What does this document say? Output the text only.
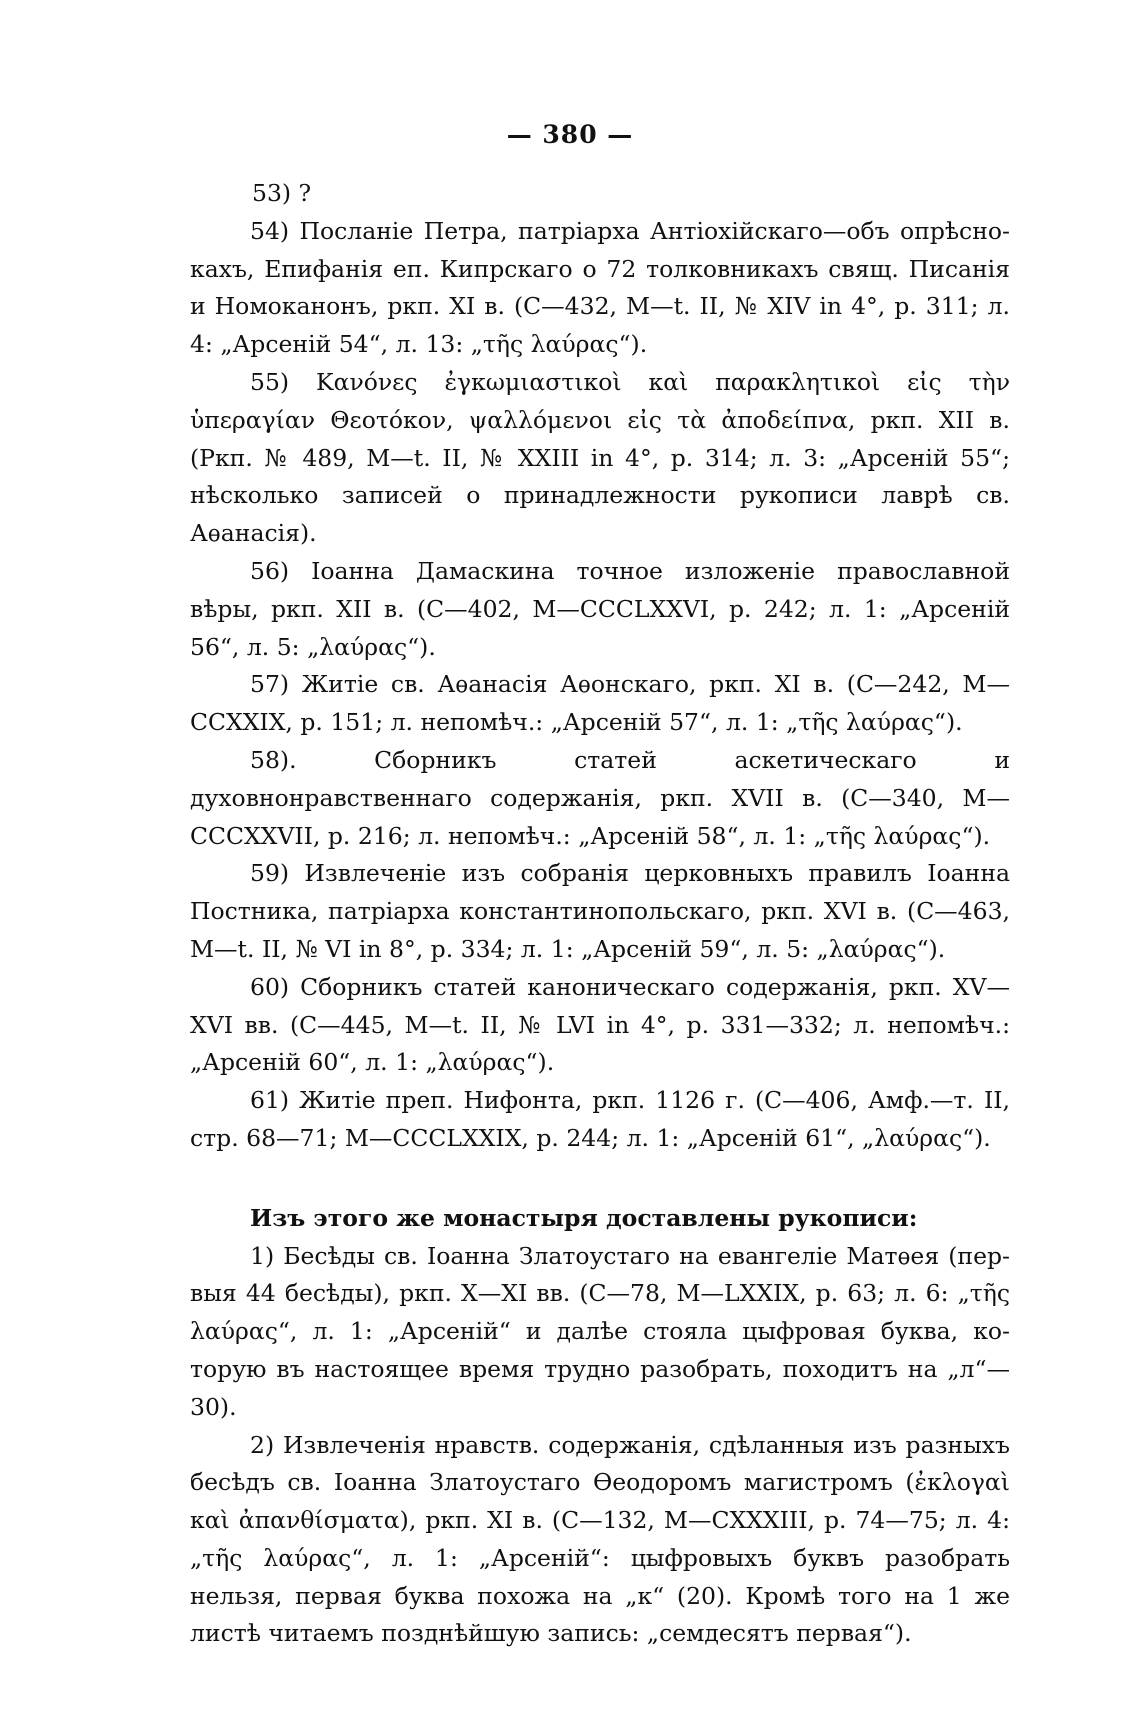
— 380 —

53) ?

54) Посланіе Петра, патріарха Антіохійскаго—объ опрѣснокахъ, Епифанія еп. Кипрскаго о 72 толковникахъ свящ. Писанія и Номоканонъ, ркп. XI в. (С—432, M—t. II, № XIV in 4°, p. 311; л. 4: „Арсеній 54“, л. 13: „τῆς λαύρας“).

55) Κανόνες ἐγκωμιαστικοὶ καὶ παρακλητικοὶ εἰς τὴν ὑπεραγίαν Θεοτόκον, ψαλλόμενοι εἰς τὰ ἀποδείπνα, ркп. XII в. (Ркп. № 489, M—t. II, № XXIII in 4°, p. 314; л. 3: „Арсеній 55“; нѣсколько записей о принадлежности рукописи лаврѣ св. Аѳанасія).

56) Іоанна Дамаскина точное изложеніе православной вѣры, ркп. XII в. (С—402, M—CCCLXXVI, p. 242; л. 1: „Арсеній 56“, л. 5: „λαύρας“).

57) Житіе св. Аѳанасія Аѳонскаго, ркп. XI в. (С—242, M—CCXXIX, p. 151; л. непомѣч.: „Арсеній 57“, л. 1: „τῆς λαύρας“).

58). Сборникъ статей аскетическаго и духовнонравственнаго содержанія, ркп. XVII в. (С—340, M—CCCXXVII, p. 216; л. непомѣч.: „Арсеній 58“, л. 1: „τῆς λαύρας“).

59) Извлеченіе изъ собранія церковныхъ правилъ Іоанна Постника, патріарха константинопольскаго, ркп. XVI в. (С—463, M—t. II, № VI in 8°, p. 334; л. 1: „Арсеній 59“, л. 5: „λαύρας“).

60) Сборникъ статей каноническаго содержанія, ркп. XV—XVI вв. (С—445, M—t. II, № LVI in 4°, p. 331—332; л. непомѣч.: „Арсеній 60“, л. 1: „λαύρας“).

61) Житіе преп. Нифонта, ркп. 1126 г. (С—406, Амф.—т. II, стр. 68—71; M—CCCLXXIX, p. 244; л. 1: „Арсеній 61“, „λαύρας“).

Изъ этого же монастыря доставлены рукописи:

1) Бесѣды св. Іоанна Златоустаго на евангеліе Матѳея (первыя 44 бесѣды), ркп. X—XI вв. (С—78, M—LXXIX, p. 63; л. 6: „τῆς λαύρας“, л. 1: „Арсеній“ и далѣе стояла цыфровая буква, которую въ настоящее время трудно разобрать, походитъ на „л“—30).

2) Извлеченія нравств. содержанія, сдѣланныя изъ разныхъ бесѣдъ св. Іоанна Златоустаго Ѳеодоромъ магистромъ (ἐκλογαὶ καὶ ἀπανθίσματα), ркп. XI в. (С—132, M—CXXXIII, p. 74—75; л. 4: „τῆς λαύρας“, л. 1: „Арсеній“: цыфровыхъ буквъ разобрать нельзя, первая буква похожа на „к“ (20). Кромѣ того на 1 же листѣ читаемъ позднѣйшую запись: „семдесятъ первая“).
